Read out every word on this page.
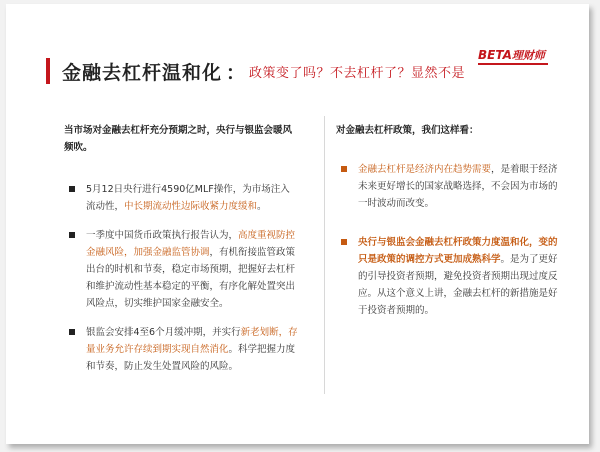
金融去杠杆温和化 ： 政策变了吗？不去杠杆了？显然不是
BETA理财师
当市场对金融去杠杆充分预期之时，央行与银监会暖风频吹。
5月12日央行进行4590亿MLF操作，为市场注入流动性，中长期流动性边际收紧力度缓和。
一季度中国货币政策执行报告认为，高度重视防控金融风险，加强金融监管协调，有机衔接监管政策出台的时机和节奏，稳定市场预期，把握好去杠杆和维护流动性基本稳定的平衡，有序化解处置突出风险点，切实维护国家金融安全。
银监会安排4至6个月缓冲期，并实行新老划断，存量业务允许存续到期实现自然消化。科学把握力度和节奏，防止发生处置风险的风险。
对金融去杠杆政策，我们这样看：
金融去杠杆是经济内在趋势需要，是着眼于经济未来更好增长的国家战略选择，不会因为市场的一时波动而改变。
央行与银监会金融去杠杆政策力度温和化，变的只是政策的调控方式更加成熟科学。是为了更好的引导投资者预期，避免投资者预期出现过度反应。从这个意义上讲，金融去杠杆的新措施是好于投资者预期的。
